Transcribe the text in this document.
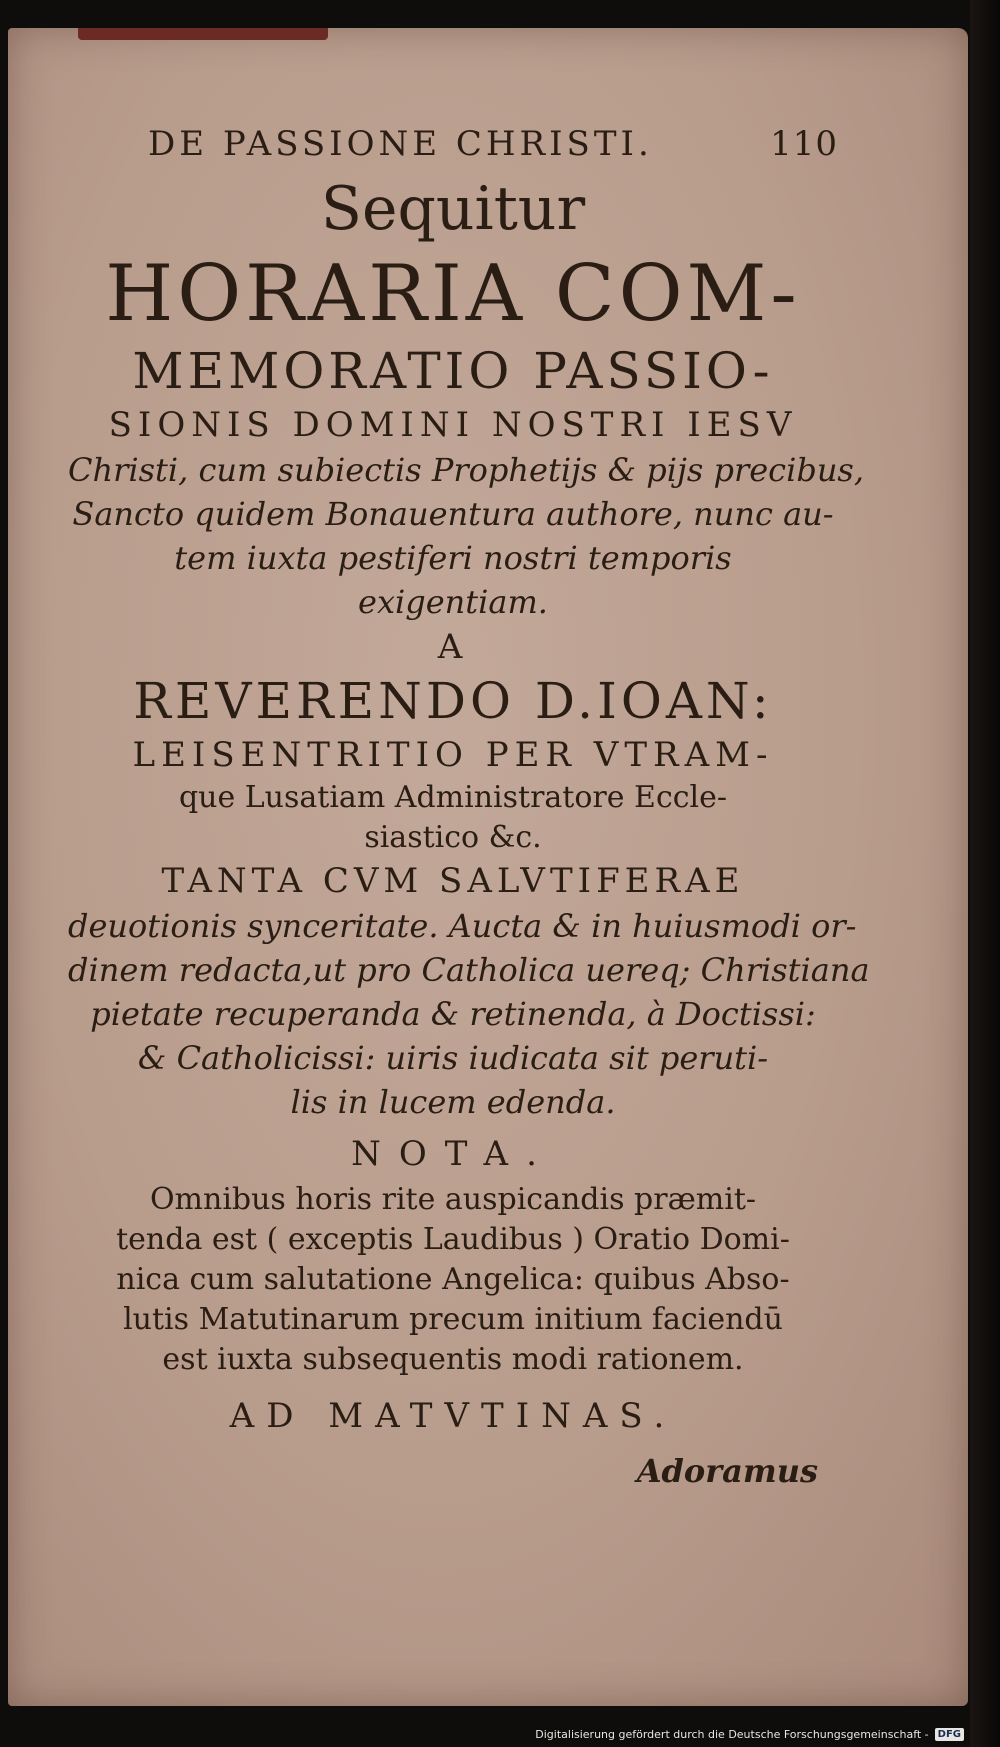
DE PASSIONE CHRISTI.	110
Sequitur
HORARIA COM-
MEMORATIO PASSIO-
SIONIS DOMINI NOSTRI IESV
Christi, cum subiectis Prophetijs & pijs precibus,
Sancto quidem Bonauentura authore, nunc au-
tem iuxta pestiferi nostri temporis
exigentiam.
A
REVERENDO D.IOAN:
LEISENTRITIO PER VTRAM-
que Lusatiam Administratore Eccle-
siastico &c.
TANTA CVM SALVTIFERAE
deuotionis synceritate. Aucta & in huiusmodi or-
dinem redacta,ut pro Catholica uereq; Christiana
pietate recuperanda & retinenda, à Doctissi:
& Catholicissi: uiris iudicata sit peruti-
lis in lucem edenda.
NOTA.
Omnibus horis rite auspicandis præmit-
tenda est ( exceptis Laudibus ) Oratio Domi-
nica cum salutatione Angelica: quibus Abso-
lutis Matutinarum precum initium faciendū
est iuxta subsequentis modi rationem.
AD MATVTINAS.
Adoramus
Digitalisierung gefördert durch die Deutsche Forschungsgemeinschaft - DFG
